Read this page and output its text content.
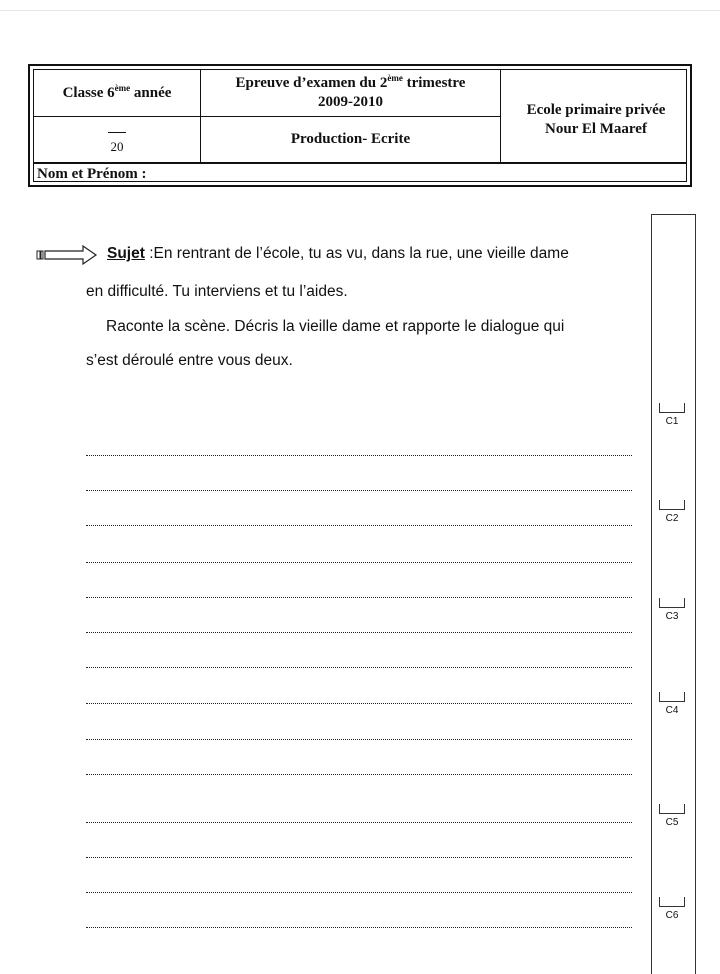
Classe 6ème année
Epreuve d’examen du 2ème trimestre
2009-2010	Ecole primaire privée
Nour El Maaref
20	Production- Ecrite
Nom et Prénom :
Sujet :En rentrant de l’école, tu as vu, dans la rue, une vieille dame
en difficulté. Tu interviens et tu l’aides.
Raconte la scène. Décris la vieille dame et rapporte le dialogue qui
s’est déroulé entre vous deux.
C1
C2
C3
C4
C5
C6
